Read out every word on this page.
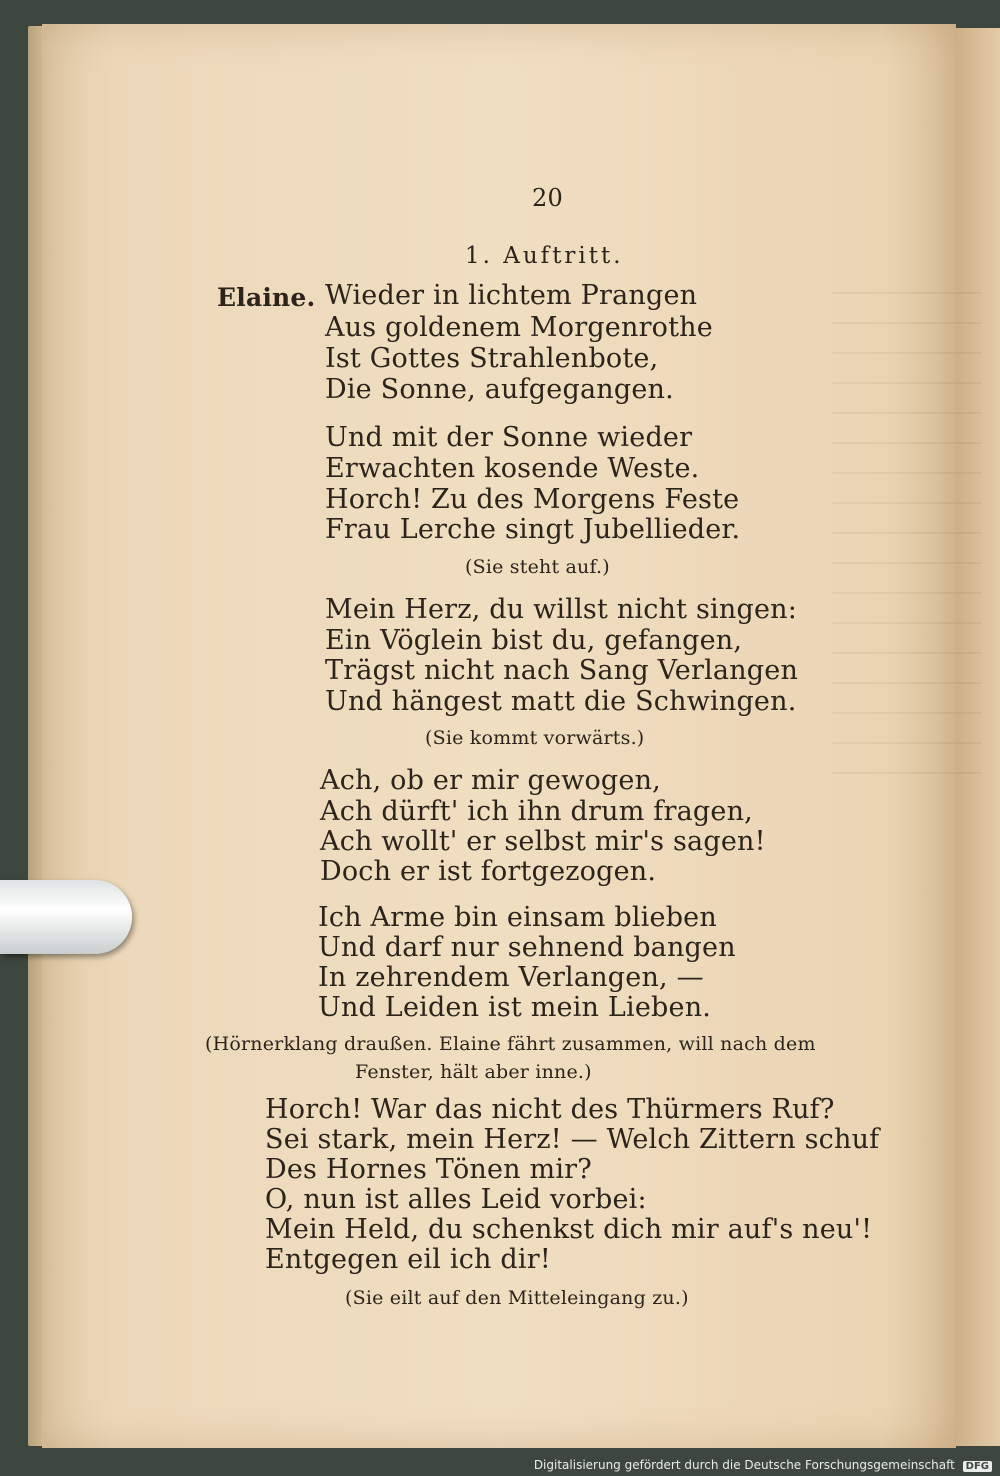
20
1. Auftritt.
Elaine. Wieder in lichtem Prangen
Aus goldenem Morgenrothe
Ist Gottes Strahlenbote,
Die Sonne, aufgegangen.
Und mit der Sonne wieder
Erwachten kosende Weste.
Horch! Zu des Morgens Feste
Frau Lerche singt Jubellieder.
(Sie steht auf.)
Mein Herz, du willst nicht singen:
Ein Vöglein bist du, gefangen,
Trägst nicht nach Sang Verlangen
Und hängest matt die Schwingen.
(Sie kommt vorwärts.)
Ach, ob er mir gewogen,
Ach dürft' ich ihn drum fragen,
Ach wollt' er selbst mir's sagen!
Doch er ist fortgezogen.
Ich Arme bin einsam blieben
Und darf nur sehnend bangen
In zehrendem Verlangen, —
Und Leiden ist mein Lieben.
(Hörnerklang draußen. Elaine fährt zusammen, will nach dem
Fenster, hält aber inne.)
Horch! War das nicht des Thürmers Ruf?
Sei stark, mein Herz! — Welch Zittern schuf
Des Hornes Tönen mir?
O, nun ist alles Leid vorbei:
Mein Held, du schenkst dich mir auf's neu'!
Entgegen eil ich dir!
(Sie eilt auf den Mitteleingang zu.)
Digitalisierung gefördert durch die Deutsche Forschungsgemeinschaft DFG
